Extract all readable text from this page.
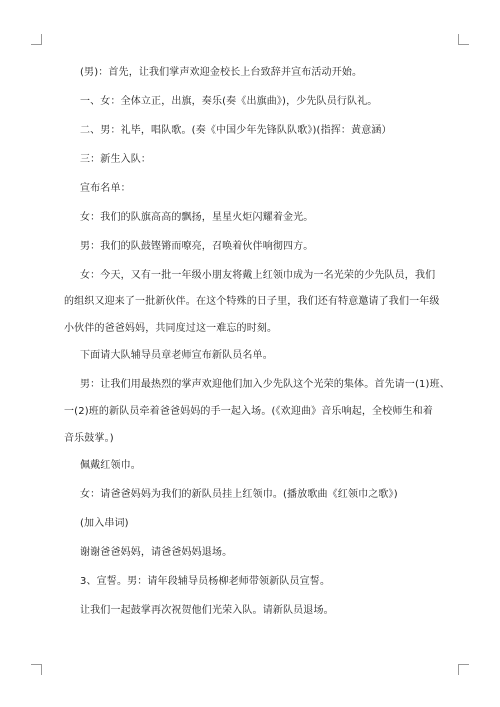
(男)：首先，让我们掌声欢迎金校长上台致辞并宣布活动开始。
一、女：全体立正，出旗，奏乐(奏《出旗曲》)，少先队员行队礼。
二、男：礼毕，唱队歌。(奏《中国少年先锋队队歌》)(指挥：黄意涵）
三：新生入队：
宣布名单：
女：我们的队旗高高的飘扬，星星火炬闪耀着金光。
男：我们的队鼓铿锵而嘹亮，召唤着伙伴响彻四方。
女：今天，又有一批一年级小朋友将戴上红领巾成为一名光荣的少先队员，我们
的组织又迎来了一批新伙伴。在这个特殊的日子里，我们还有特意邀请了我们一年级
小伙伴的爸爸妈妈，共同度过这一难忘的时刻。
下面请大队辅导员章老师宣布新队员名单。
男：让我们用最热烈的掌声欢迎他们加入少先队这个光荣的集体。首先请一(1)班、
一(2)班的新队员牵着爸爸妈妈的手一起入场。(《欢迎曲》音乐响起，全校师生和着
音乐鼓掌。)
佩戴红领巾。
女：请爸爸妈妈为我们的新队员挂上红领巾。(播放歌曲《红领巾之歌》)
(加入串词)
谢谢爸爸妈妈，请爸爸妈妈退场。
3、宣誓。男：请年段辅导员杨柳老师带领新队员宣誓。
让我们一起鼓掌再次祝贺他们光荣入队。请新队员退场。
